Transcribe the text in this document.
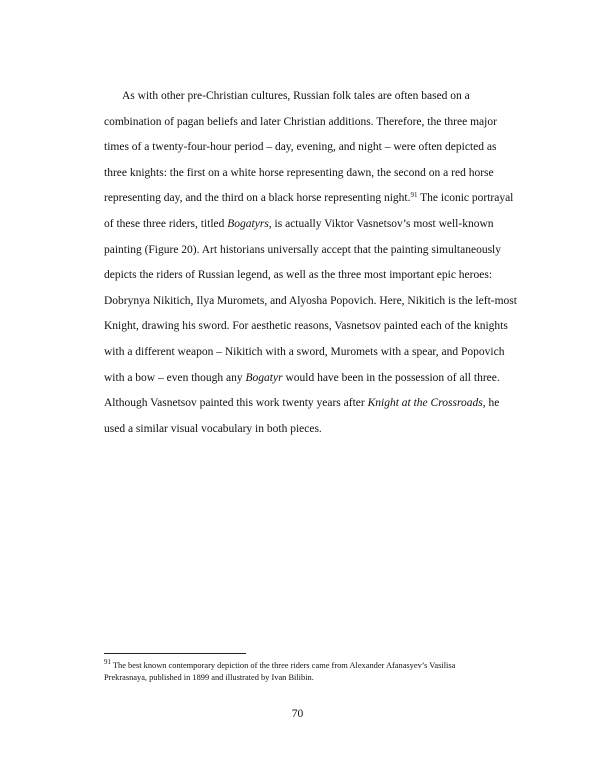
As with other pre-Christian cultures, Russian folk tales are often based on a
combination of pagan beliefs and later Christian additions. Therefore, the three major
times of a twenty-four-hour period – day, evening, and night – were often depicted as
three knights: the first on a white horse representing dawn, the second on a red horse
representing day, and the third on a black horse representing night.$^{91}$ The iconic portrayal
of these three riders, titled Bogatyrs, is actually Viktor Vasnetsov’s most well-known
painting (Figure 20). Art historians universally accept that the painting simultaneously
depicts the riders of Russian legend, as well as the three most important epic heroes:
Dobrynya Nikitich, Ilya Muromets, and Alyosha Popovich. Here, Nikitich is the left-most
Knight, drawing his sword. For aesthetic reasons, Vasnetsov painted each of the knights
with a different weapon – Nikitich with a sword, Muromets with a spear, and Popovich
with a bow – even though any Bogatyr would have been in the possession of all three.
Although Vasnetsov painted this work twenty years after Knight at the Crossroads, he
used a similar visual vocabulary in both pieces.
$^{91}$ The best known contemporary depiction of the three riders came from Alexander Afanasyev’s Vasilisa
Prekrasnaya, published in 1899 and illustrated by Ivan Bilibin.
70
